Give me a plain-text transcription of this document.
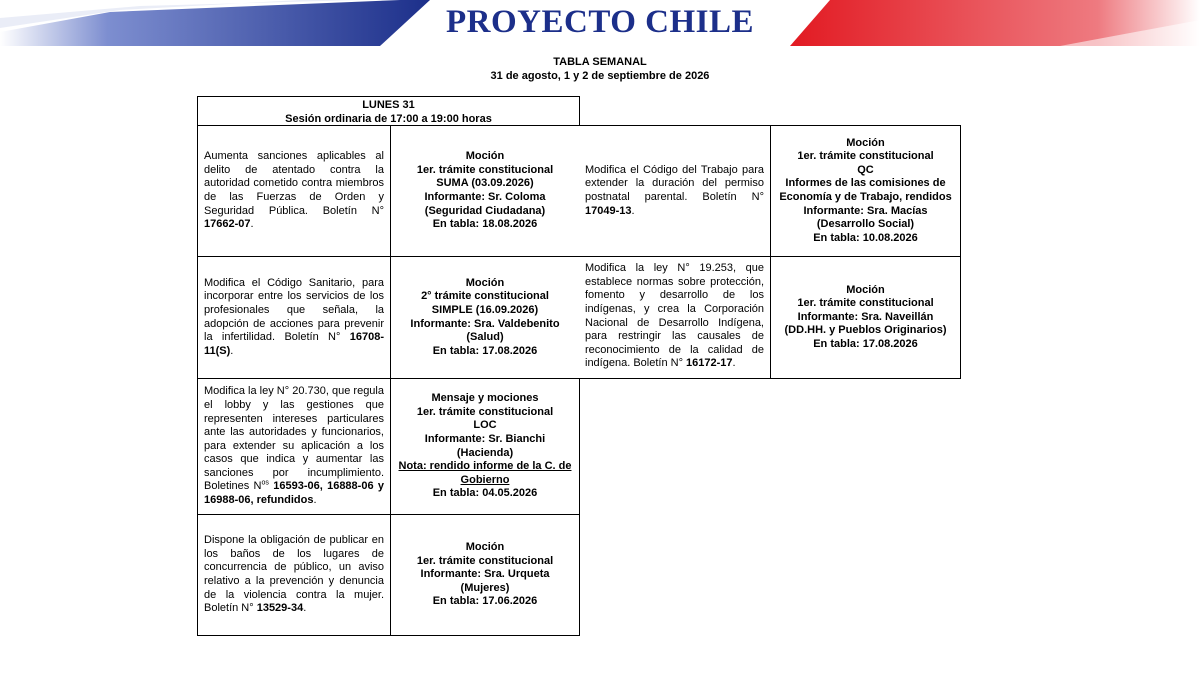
PROYECTO CHILE
TABLA SEMANAL
31 de agosto, 1 y 2 de septiembre de 2026
LUNES 31
Sesión ordinaria de 17:00 a 19:00 horas
Aumenta sanciones aplicables al delito de atentado contra la autoridad cometido contra miembros de las Fuerzas de Orden y Seguridad Pública. Boletín N° 17662-07.
Moción
1er. trámite constitucional
SUMA (03.09.2026)
Informante: Sr. Coloma
(Seguridad Ciudadana)
En tabla: 18.08.2026
Modifica el Código del Trabajo para extender la duración del permiso postnatal parental. Boletín N° 17049-13.
Moción
1er. trámite constitucional
QC
Informes de las comisiones de Economía y de Trabajo, rendidos
Informante: Sra. Macías
(Desarrollo Social)
En tabla: 10.08.2026
Modifica el Código Sanitario, para incorporar entre los servicios de los profesionales que señala, la adopción de acciones para prevenir la infertilidad. Boletín N° 16708-11(S).
Moción
2° trámite constitucional
SIMPLE (16.09.2026)
Informante: Sra. Valdebenito
(Salud)
En tabla: 17.08.2026
Modifica la ley N° 19.253, que establece normas sobre protección, fomento y desarrollo de los indígenas, y crea la Corporación Nacional de Desarrollo Indígena, para restringir las causales de reconocimiento de la calidad de indígena. Boletín N° 16172-17.
Moción
1er. trámite constitucional
Informante: Sra. Naveillán
(DD.HH. y Pueblos Originarios)
En tabla: 17.08.2026
Modifica la ley N° 20.730, que regula el lobby y las gestiones que representen intereses particulares ante las autoridades y funcionarios, para extender su aplicación a los casos que indica y aumentar las sanciones por incumplimiento. Boletines $N^{os}$ 16593-06, 16888-06 y 16988-06, refundidos.
Mensaje y mociones
1er. trámite constitucional
LOC
Informante: Sr. Bianchi
(Hacienda)
Nota: rendido informe de la C. de Gobierno
En tabla: 04.05.2026
Dispone la obligación de publicar en los baños de los lugares de concurrencia de público, un aviso relativo a la prevención y denuncia de la violencia contra la mujer. Boletín N° 13529-34.
Moción
1er. trámite constitucional
Informante: Sra. Urqueta
(Mujeres)
En tabla: 17.06.2026
